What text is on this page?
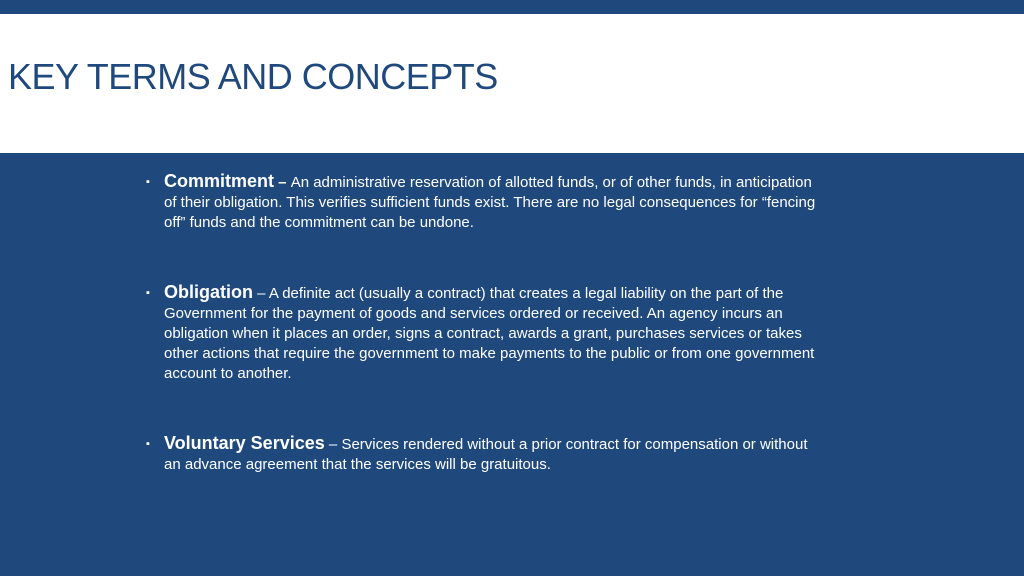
KEY TERMS AND CONCEPTS
▪ Commitment – An administrative reservation of allotted funds, or of other funds, in anticipation of their obligation. This verifies sufficient funds exist. There are no legal consequences for “fencing off” funds and the commitment can be undone.
▪ Obligation – A definite act (usually a contract) that creates a legal liability on the part of the Government for the payment of goods and services ordered or received. An agency incurs an obligation when it places an order, signs a contract, awards a grant, purchases services or takes other actions that require the government to make payments to the public or from one government account to another.
▪ Voluntary Services – Services rendered without a prior contract for compensation or without an advance agreement that the services will be gratuitous.
